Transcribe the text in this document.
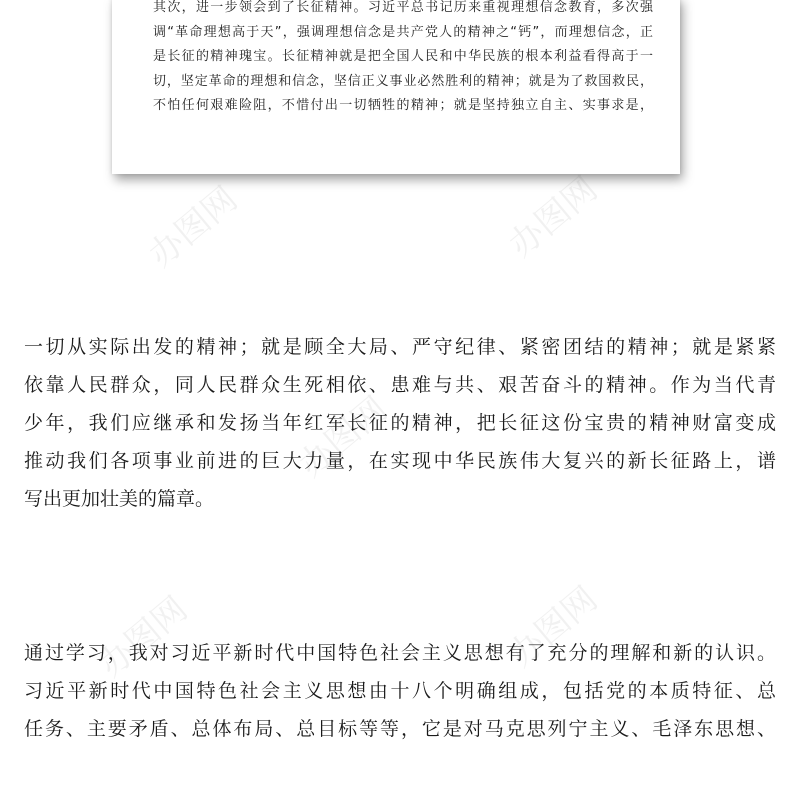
办图网	办图网
办图网
办图网	办图网
其次，进一步领会到了长征精神。习近平总书记历来重视理想信念教育，多次强
调“革命理想高于天”，强调理想信念是共产党人的精神之“钙”，而理想信念，正
是长征的精神瑰宝。长征精神就是把全国人民和中华民族的根本利益看得高于一
切，坚定革命的理想和信念，坚信正义事业必然胜利的精神；就是为了救国救民，
不怕任何艰难险阻，不惜付出一切牺牲的精神；就是坚持独立自主、实事求是，
一切从实际出发的精神；就是顾全大局、严守纪律、紧密团结的精神；就是紧紧
依靠人民群众，同人民群众生死相依、患难与共、艰苦奋斗的精神。作为当代青
少年，我们应继承和发扬当年红军长征的精神，把长征这份宝贵的精神财富变成
推动我们各项事业前进的巨大力量，在实现中华民族伟大复兴的新长征路上，谱
写出更加壮美的篇章。
通过学习，我对习近平新时代中国特色社会主义思想有了充分的理解和新的认识。
习近平新时代中国特色社会主义思想由十八个明确组成，包括党的本质特征、总
任务、主要矛盾、总体布局、总目标等等，它是对马克思列宁主义、毛泽东思想、
